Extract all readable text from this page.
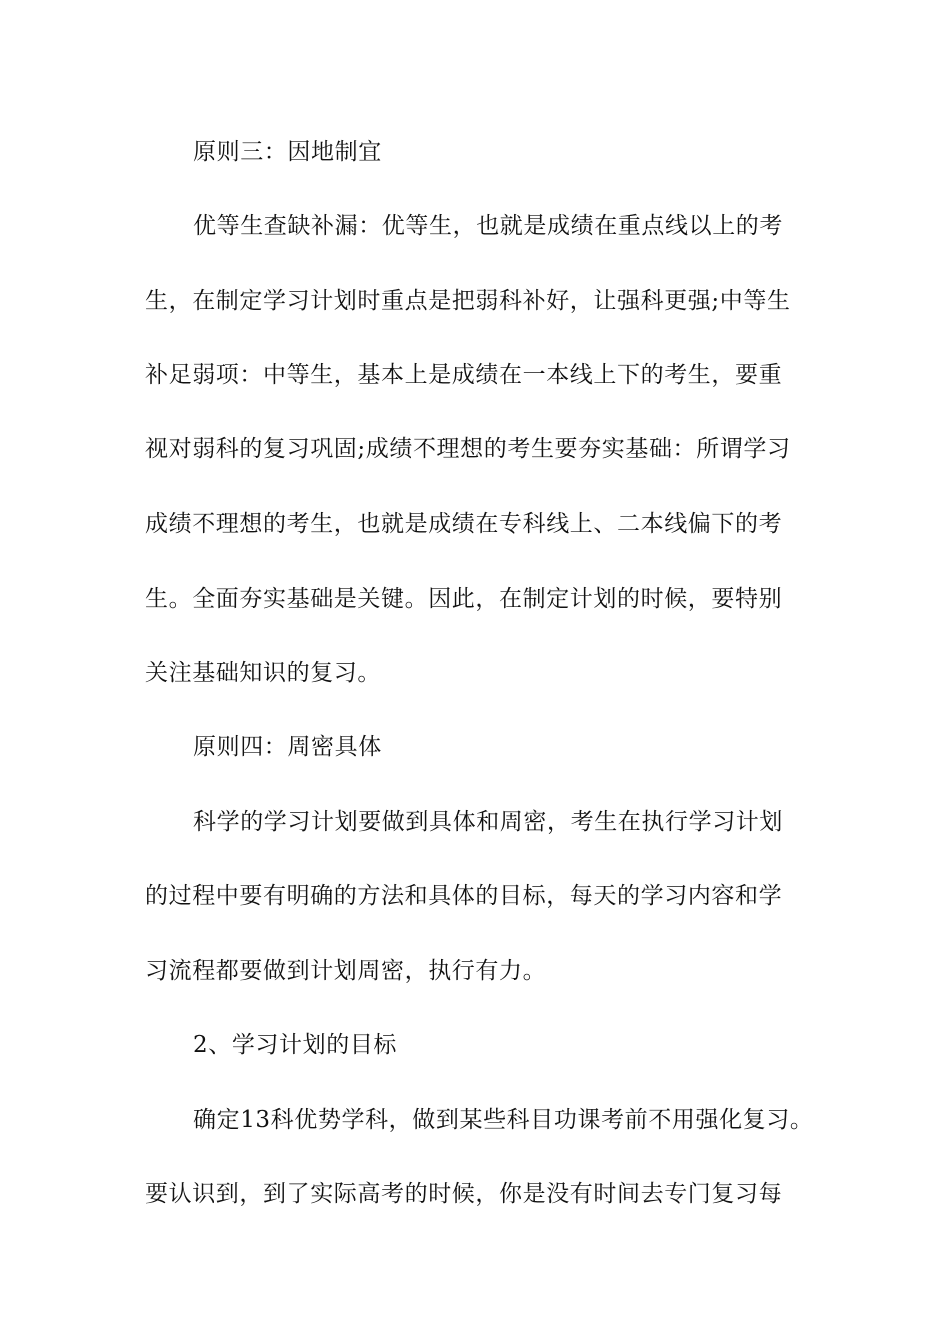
原则三：因地制宜
优等生查缺补漏：优等生，也就是成绩在重点线以上的考
生，在制定学习计划时重点是把弱科补好，让强科更强;中等生
补足弱项：中等生，基本上是成绩在一本线上下的考生，要重
视对弱科的复习巩固;成绩不理想的考生要夯实基础：所谓学习
成绩不理想的考生，也就是成绩在专科线上、二本线偏下的考
生。全面夯实基础是关键。因此，在制定计划的时候，要特别
关注基础知识的复习。
原则四：周密具体
科学的学习计划要做到具体和周密，考生在执行学习计划
的过程中要有明确的方法和具体的目标，每天的学习内容和学
习流程都要做到计划周密，执行有力。
2、学习计划的目标
确定13科优势学科，做到某些科目功课考前不用强化复习。
要认识到，到了实际高考的时候，你是没有时间去专门复习每
